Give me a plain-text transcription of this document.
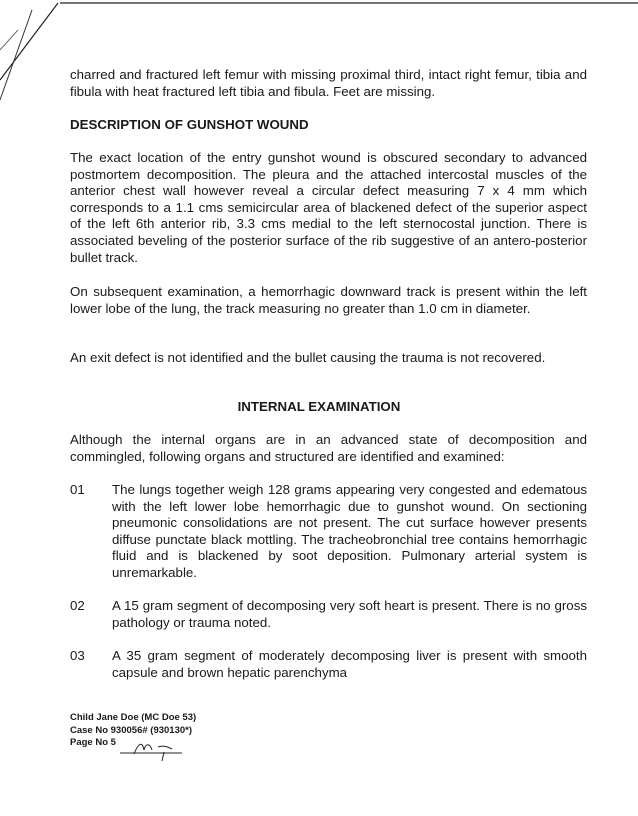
charred and fractured left femur with missing proximal third, intact right femur, tibia and fibula with heat fractured left tibia and fibula. Feet are missing.

DESCRIPTION OF GUNSHOT WOUND

The exact location of the entry gunshot wound is obscured secondary to advanced postmortem decomposition. The pleura and the attached intercostal muscles of the anterior chest wall however reveal a circular defect measuring 7 x 4 mm which corresponds to a 1.1 cms semicircular area of blackened defect of the superior aspect of the left 6th anterior rib, 3.3 cms medial to the left sternocostal junction. There is associated beveling of the posterior surface of the rib suggestive of an antero-posterior bullet track.

On subsequent examination, a hemorrhagic downward track is present within the left lower lobe of the lung, the track measuring no greater than 1.0 cm in diameter.

An exit defect is not identified and the bullet causing the trauma is not recovered.

INTERNAL EXAMINATION

Although the internal organs are in an advanced state of decomposition and commingled, following organs and structured are identified and examined:

01 The lungs together weigh 128 grams appearing very congested and edematous with the left lower lobe hemorrhagic due to gunshot wound. On sectioning pneumonic consolidations are not present. The cut surface however presents diffuse punctate black mottling. The tracheobronchial tree contains hemorrhagic fluid and is blackened by soot deposition. Pulmonary arterial system is unremarkable.
02 A 15 gram segment of decomposing very soft heart is present. There is no gross pathology or trauma noted.
03 A 35 gram segment of moderately decomposing liver is present with smooth capsule and brown hepatic parenchyma
Child Jane Doe (MC Doe 53)
Case No 930056# (930130*)
Page No 5
